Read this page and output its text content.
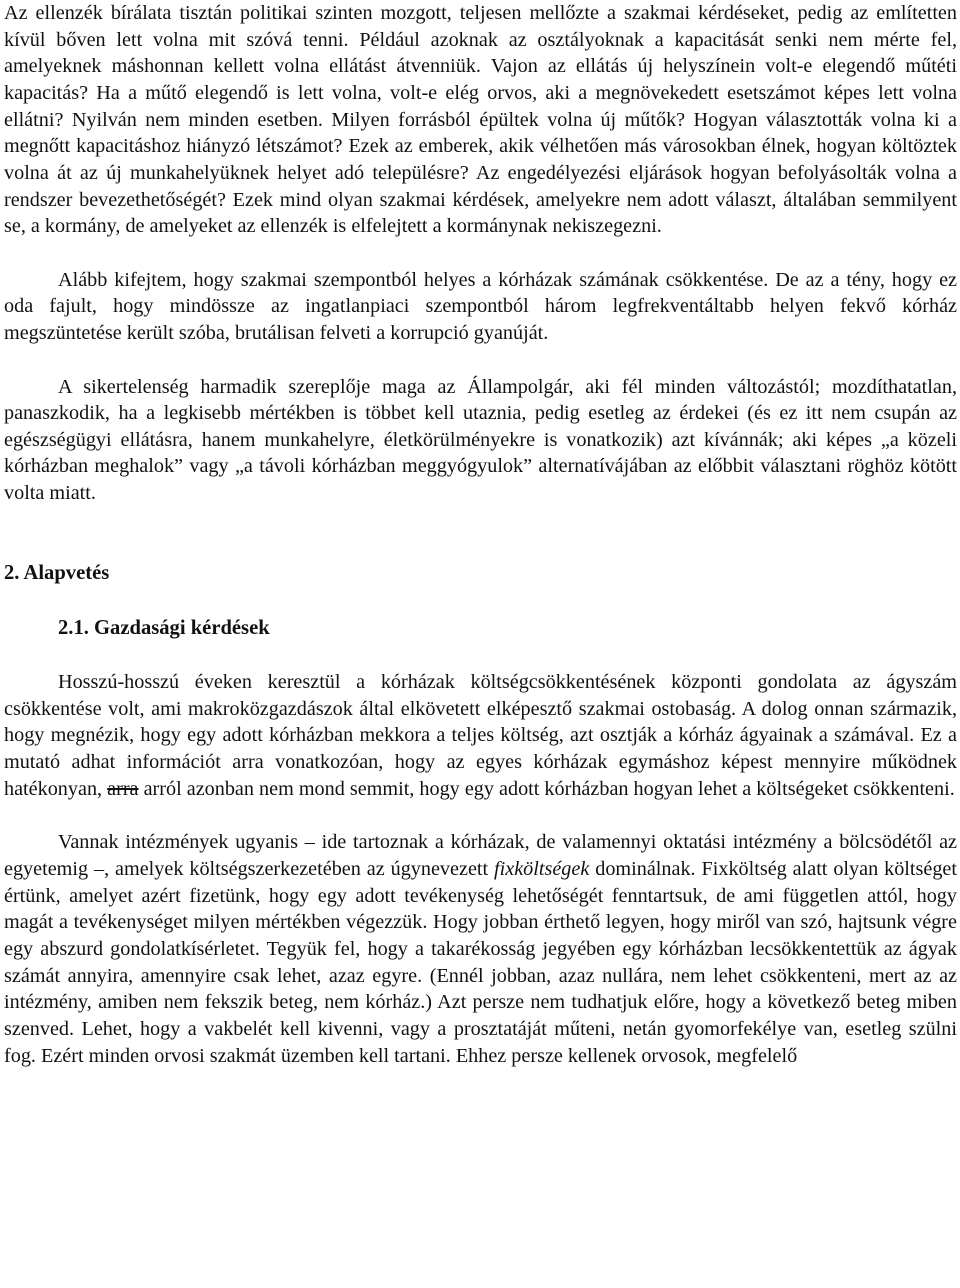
Az ellenzék bírálata tisztán politikai szinten mozgott, teljesen mellőzte a szakmai kérdéseket, pedig az említetten kívül bőven lett volna mit szóvá tenni. Például azoknak az osztályoknak a kapacitását senki nem mérte fel, amelyeknek máshonnan kellett volna ellátást átvenniük. Vajon az ellátás új helyszínein volt-e elegendő műtéti kapacitás? Ha a műtő elegendő is lett volna, volt-e elég orvos, aki a megnövekedett esetszámot képes lett volna ellátni? Nyilván nem minden esetben. Milyen forrásból épültek volna új műtők? Hogyan választották volna ki a megnőtt kapacitáshoz hiányzó létszámot? Ezek az emberek, akik vélhetően más városokban élnek, hogyan költöztek volna át az új munkahelyüknek helyet adó településre? Az engedélyezési eljárások hogyan befolyásolták volna a rendszer bevezethetőségét? Ezek mind olyan szakmai kérdések, amelyekre nem adott választ, általában semmilyent se, a kormány, de amelyeket az ellenzék is elfelejtett a kormánynak nekiszegezni.

Alább kifejtem, hogy szakmai szempontból helyes a kórházak számának csökkentése. De az a tény, hogy ez oda fajult, hogy mindössze az ingatlanpiaci szempontból három legfrekventáltabb helyen fekvő kórház megszüntetése került szóba, brutálisan felveti a korrupció gyanúját.

A sikertelenség harmadik szereplője maga az Állampolgár, aki fél minden változástól; mozdíthatatlan, panaszkodik, ha a legkisebb mértékben is többet kell utaznia, pedig esetleg az érdekei (és ez itt nem csupán az egészségügyi ellátásra, hanem munkahelyre, életkörülményekre is vonatkozik) azt kívánnák; aki képes „a közeli kórházban meghalok” vagy „a távoli kórházban meggyógyulok” alternatívájában az előbbit választani röghöz kötött volta miatt.

2. Alapvetés
2.1. Gazdasági kérdések

Hosszú-hosszú éveken keresztül a kórházak költségcsökkentésének központi gondolata az ágyszám csökkentése volt, ami makroközgazdászok által elkövetett elképesztő szakmai ostobaság. A dolog onnan származik, hogy megnézik, hogy egy adott kórházban mekkora a teljes költség, azt osztják a kórház ágyainak a számával. Ez a mutató adhat információt arra vonatkozóan, hogy az egyes kórházak egymáshoz képest mennyire működnek hatékonyan, arra arról azonban nem mond semmit, hogy egy adott kórházban hogyan lehet a költségeket csökkenteni.

Vannak intézmények ugyanis – ide tartoznak a kórházak, de valamennyi oktatási intézmény a bölcsödétől az egyetemig –, amelyek költségszerkezetében az úgynevezett fixköltségek dominálnak. Fixköltség alatt olyan költséget értünk, amelyet azért fizetünk, hogy egy adott tevékenység lehetőségét fenntartsuk, de ami független attól, hogy magát a tevékenységet milyen mértékben végezzük. Hogy jobban érthető legyen, hogy miről van szó, hajtsunk végre egy abszurd gondolatkísérletet. Tegyük fel, hogy a takarékosság jegyében egy kórházban lecsökkentettük az ágyak számát annyira, amennyire csak lehet, azaz egyre. (Ennél jobban, azaz nullára, nem lehet csökkenteni, mert az az intézmény, amiben nem fekszik beteg, nem kórház.) Azt persze nem tudhatjuk előre, hogy a következő beteg miben szenved. Lehet, hogy a vakbelét kell kivenni, vagy a prosztatáját műteni, netán gyomorfekélye van, esetleg szülni fog. Ezért minden orvosi szakmát üzemben kell tartani. Ehhez persze kellenek orvosok, megfelelő
